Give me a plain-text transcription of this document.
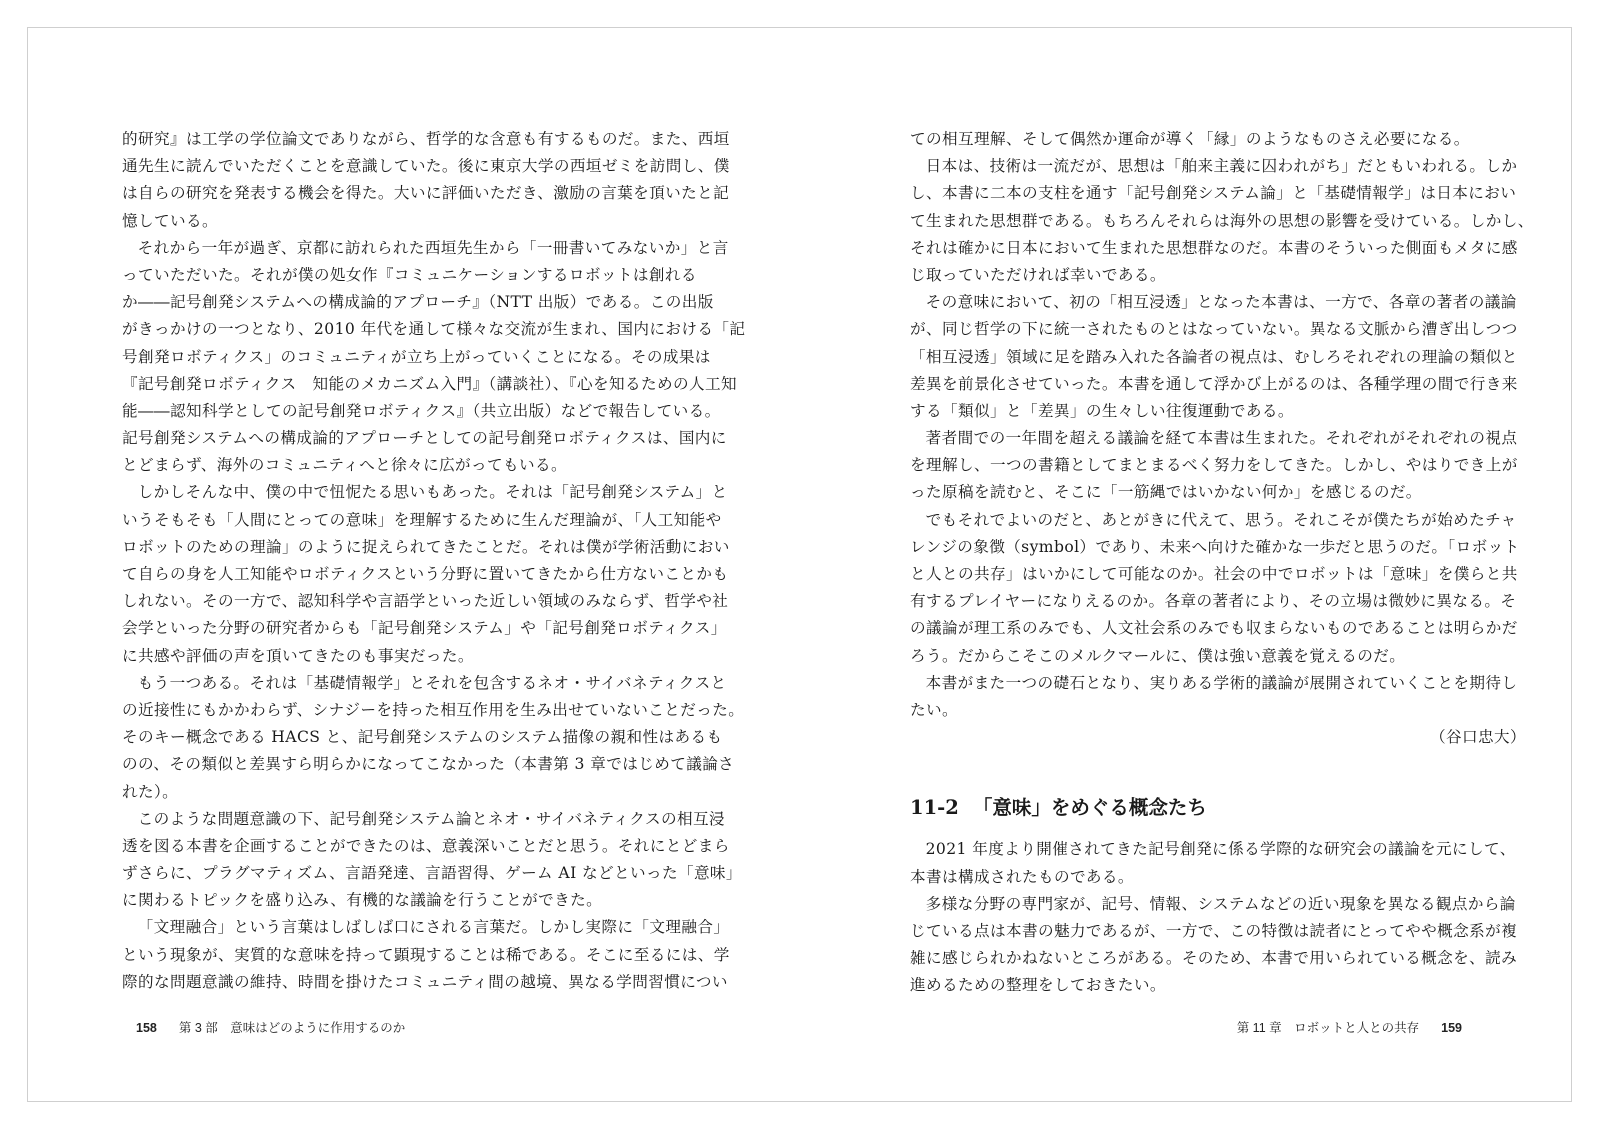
的研究』は工学の学位論文でありながら、哲学的な含意も有するものだ。また、西垣
通先生に読んでいただくことを意識していた。後に東京大学の西垣ゼミを訪問し、僕
は自らの研究を発表する機会を得た。大いに評価いただき、激励の言葉を頂いたと記
憶している。
それから一年が過ぎ、京都に訪れられた西垣先生から「一冊書いてみないか」と言
っていただいた。それが僕の処女作『コミュニケーションするロボットは創れる
か――記号創発システムへの構成論的アプローチ』（NTT 出版）である。この出版
がきっかけの一つとなり、2010 年代を通して様々な交流が生まれ、国内における「記
号創発ロボティクス」のコミュニティが立ち上がっていくことになる。その成果は
『記号創発ロボティクス　知能のメカニズム入門』（講談社）、『心を知るための人工知
能――認知科学としての記号創発ロボティクス』（共立出版）などで報告している。
記号創発システムへの構成論的アプローチとしての記号創発ロボティクスは、国内に
とどまらず、海外のコミュニティへと徐々に広がってもいる。
しかしそんな中、僕の中で忸怩たる思いもあった。それは「記号創発システム」と
いうそもそも「人間にとっての意味」を理解するために生んだ理論が、「人工知能や
ロボットのための理論」のように捉えられてきたことだ。それは僕が学術活動におい
て自らの身を人工知能やロボティクスという分野に置いてきたから仕方ないことかも
しれない。その一方で、認知科学や言語学といった近しい領域のみならず、哲学や社
会学といった分野の研究者からも「記号創発システム」や「記号創発ロボティクス」
に共感や評価の声を頂いてきたのも事実だった。
もう一つある。それは「基礎情報学」とそれを包含するネオ・サイバネティクスと
の近接性にもかかわらず、シナジーを持った相互作用を生み出せていないことだった。
そのキー概念である HACS と、記号創発システムのシステム描像の親和性はあるも
のの、その類似と差異すら明らかになってこなかった（本書第 3 章ではじめて議論さ
れた）。
このような問題意識の下、記号創発システム論とネオ・サイバネティクスの相互浸
透を図る本書を企画することができたのは、意義深いことだと思う。それにとどまら
ずさらに、プラグマティズム、言語発達、言語習得、ゲーム AI などといった「意味」
に関わるトピックを盛り込み、有機的な議論を行うことができた。
「文理融合」という言葉はしばしば口にされる言葉だ。しかし実際に「文理融合」
という現象が、実質的な意味を持って顕現することは稀である。そこに至るには、学
際的な問題意識の維持、時間を掛けたコミュニティ間の越境、異なる学問習慣につい
158 第 3 部　意味はどのように作用するのか
ての相互理解、そして偶然か運命が導く「縁」のようなものさえ必要になる。
日本は、技術は一流だが、思想は「舶来主義に囚われがち」だともいわれる。しか
し、本書に二本の支柱を通す「記号創発システム論」と「基礎情報学」は日本におい
て生まれた思想群である。もちろんそれらは海外の思想の影響を受けている。しかし、
それは確かに日本において生まれた思想群なのだ。本書のそういった側面もメタに感
じ取っていただければ幸いである。
その意味において、初の「相互浸透」となった本書は、一方で、各章の著者の議論
が、同じ哲学の下に統一されたものとはなっていない。異なる文脈から漕ぎ出しつつ
「相互浸透」領域に足を踏み入れた各論者の視点は、むしろそれぞれの理論の類似と
差異を前景化させていった。本書を通して浮かび上がるのは、各種学理の間で行き来
する「類似」と「差異」の生々しい往復運動である。
著者間での一年間を超える議論を経て本書は生まれた。それぞれがそれぞれの視点
を理解し、一つの書籍としてまとまるべく努力をしてきた。しかし、やはりでき上が
った原稿を読むと、そこに「一筋縄ではいかない何か」を感じるのだ。
でもそれでよいのだと、あとがきに代えて、思う。それこそが僕たちが始めたチャ
レンジの象徴（symbol）であり、未来へ向けた確かな一歩だと思うのだ。「ロボット
と人との共存」はいかにして可能なのか。社会の中でロボットは「意味」を僕らと共
有するプレイヤーになりえるのか。各章の著者により、その立場は微妙に異なる。そ
の議論が理工系のみでも、人文社会系のみでも収まらないものであることは明らかだ
ろう。だからこそこのメルクマールに、僕は強い意義を覚えるのだ。
本書がまた一つの礎石となり、実りある学術的議論が展開されていくことを期待し
たい。
（谷口忠大）
11-2 「意味」をめぐる概念たち
2021 年度より開催されてきた記号創発に係る学際的な研究会の議論を元にして、
本書は構成されたものである。
多様な分野の専門家が、記号、情報、システムなどの近い現象を異なる観点から論
じている点は本書の魅力であるが、一方で、この特徴は読者にとってやや概念系が複
雑に感じられかねないところがある。そのため、本書で用いられている概念を、読み
進めるための整理をしておきたい。
第 11 章　ロボットと人との共存 159
